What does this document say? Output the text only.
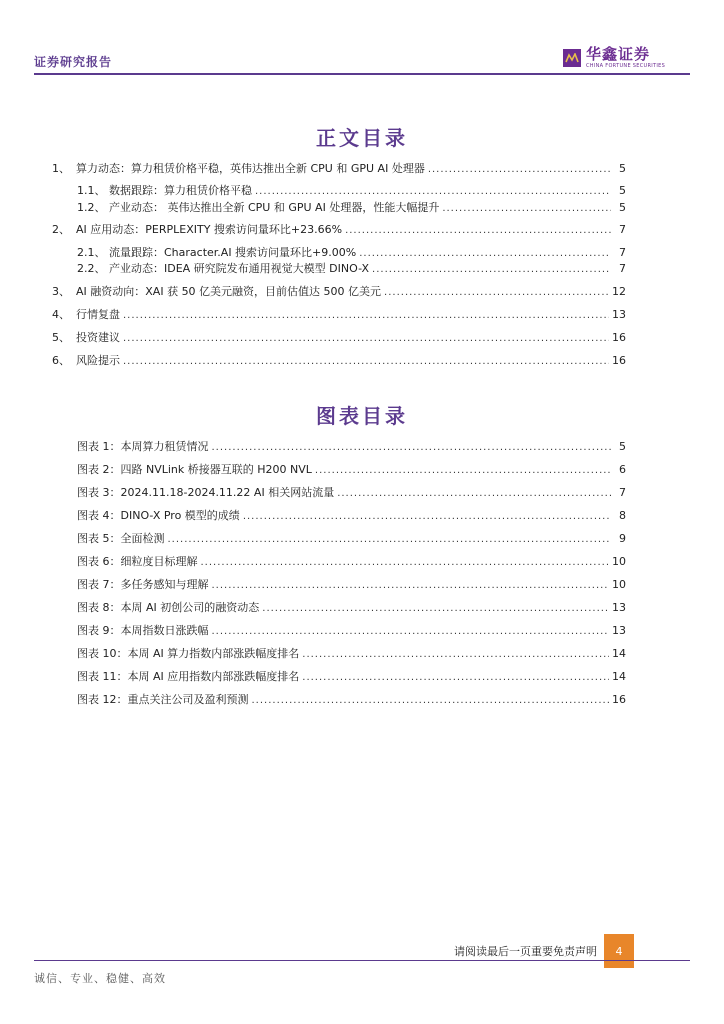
证券研究报告	华鑫证券
CHINA FORTUNE SECURITIES
正文目录
1、 算力动态：算力租赁价格平稳，英伟达推出全新 CPU 和 GPU AI 处理器 .....	5
1.1、 数据跟踪：算力租赁价格平稳 .....	5
1.2、 产业动态： 英伟达推出全新 CPU 和 GPU AI 处理器，性能大幅提升 .....	5
2、 AI 应用动态：PERPLEXITY 搜索访问量环比+23.66% .....	7
2.1、 流量跟踪：Character.AI 搜索访问量环比+9.00% .....	7
2.2、 产业动态：IDEA 研究院发布通用视觉大模型 DINO-X .....	7
3、 AI 融资动向：XAI 获 50 亿美元融资，目前估值达 500 亿美元 .....	12
4、 行情复盘 .....	13
5、 投资建议 .....	16
6、 风险提示 .....	16
图表目录
图表 1：本周算力租赁情况 .....	5
图表 2：四路 NVLink 桥接器互联的 H200 NVL .....	6
图表 3：2024.11.18-2024.11.22 AI 相关网站流量 .....	7
图表 4：DINO-X Pro 模型的成绩 .....	8
图表 5：全面检测 .....	9
图表 6：细粒度目标理解 .....	10
图表 7：多任务感知与理解 .....	10
图表 8：本周 AI 初创公司的融资动态 .....	13
图表 9：本周指数日涨跌幅 .....	13
图表 10：本周 AI 算力指数内部涨跌幅度排名 .....	14
图表 11：本周 AI 应用指数内部涨跌幅度排名 .....	14
图表 12：重点关注公司及盈利预测 .....	16
请阅读最后一页重要免责声明	4
诚信、专业、稳健、高效
